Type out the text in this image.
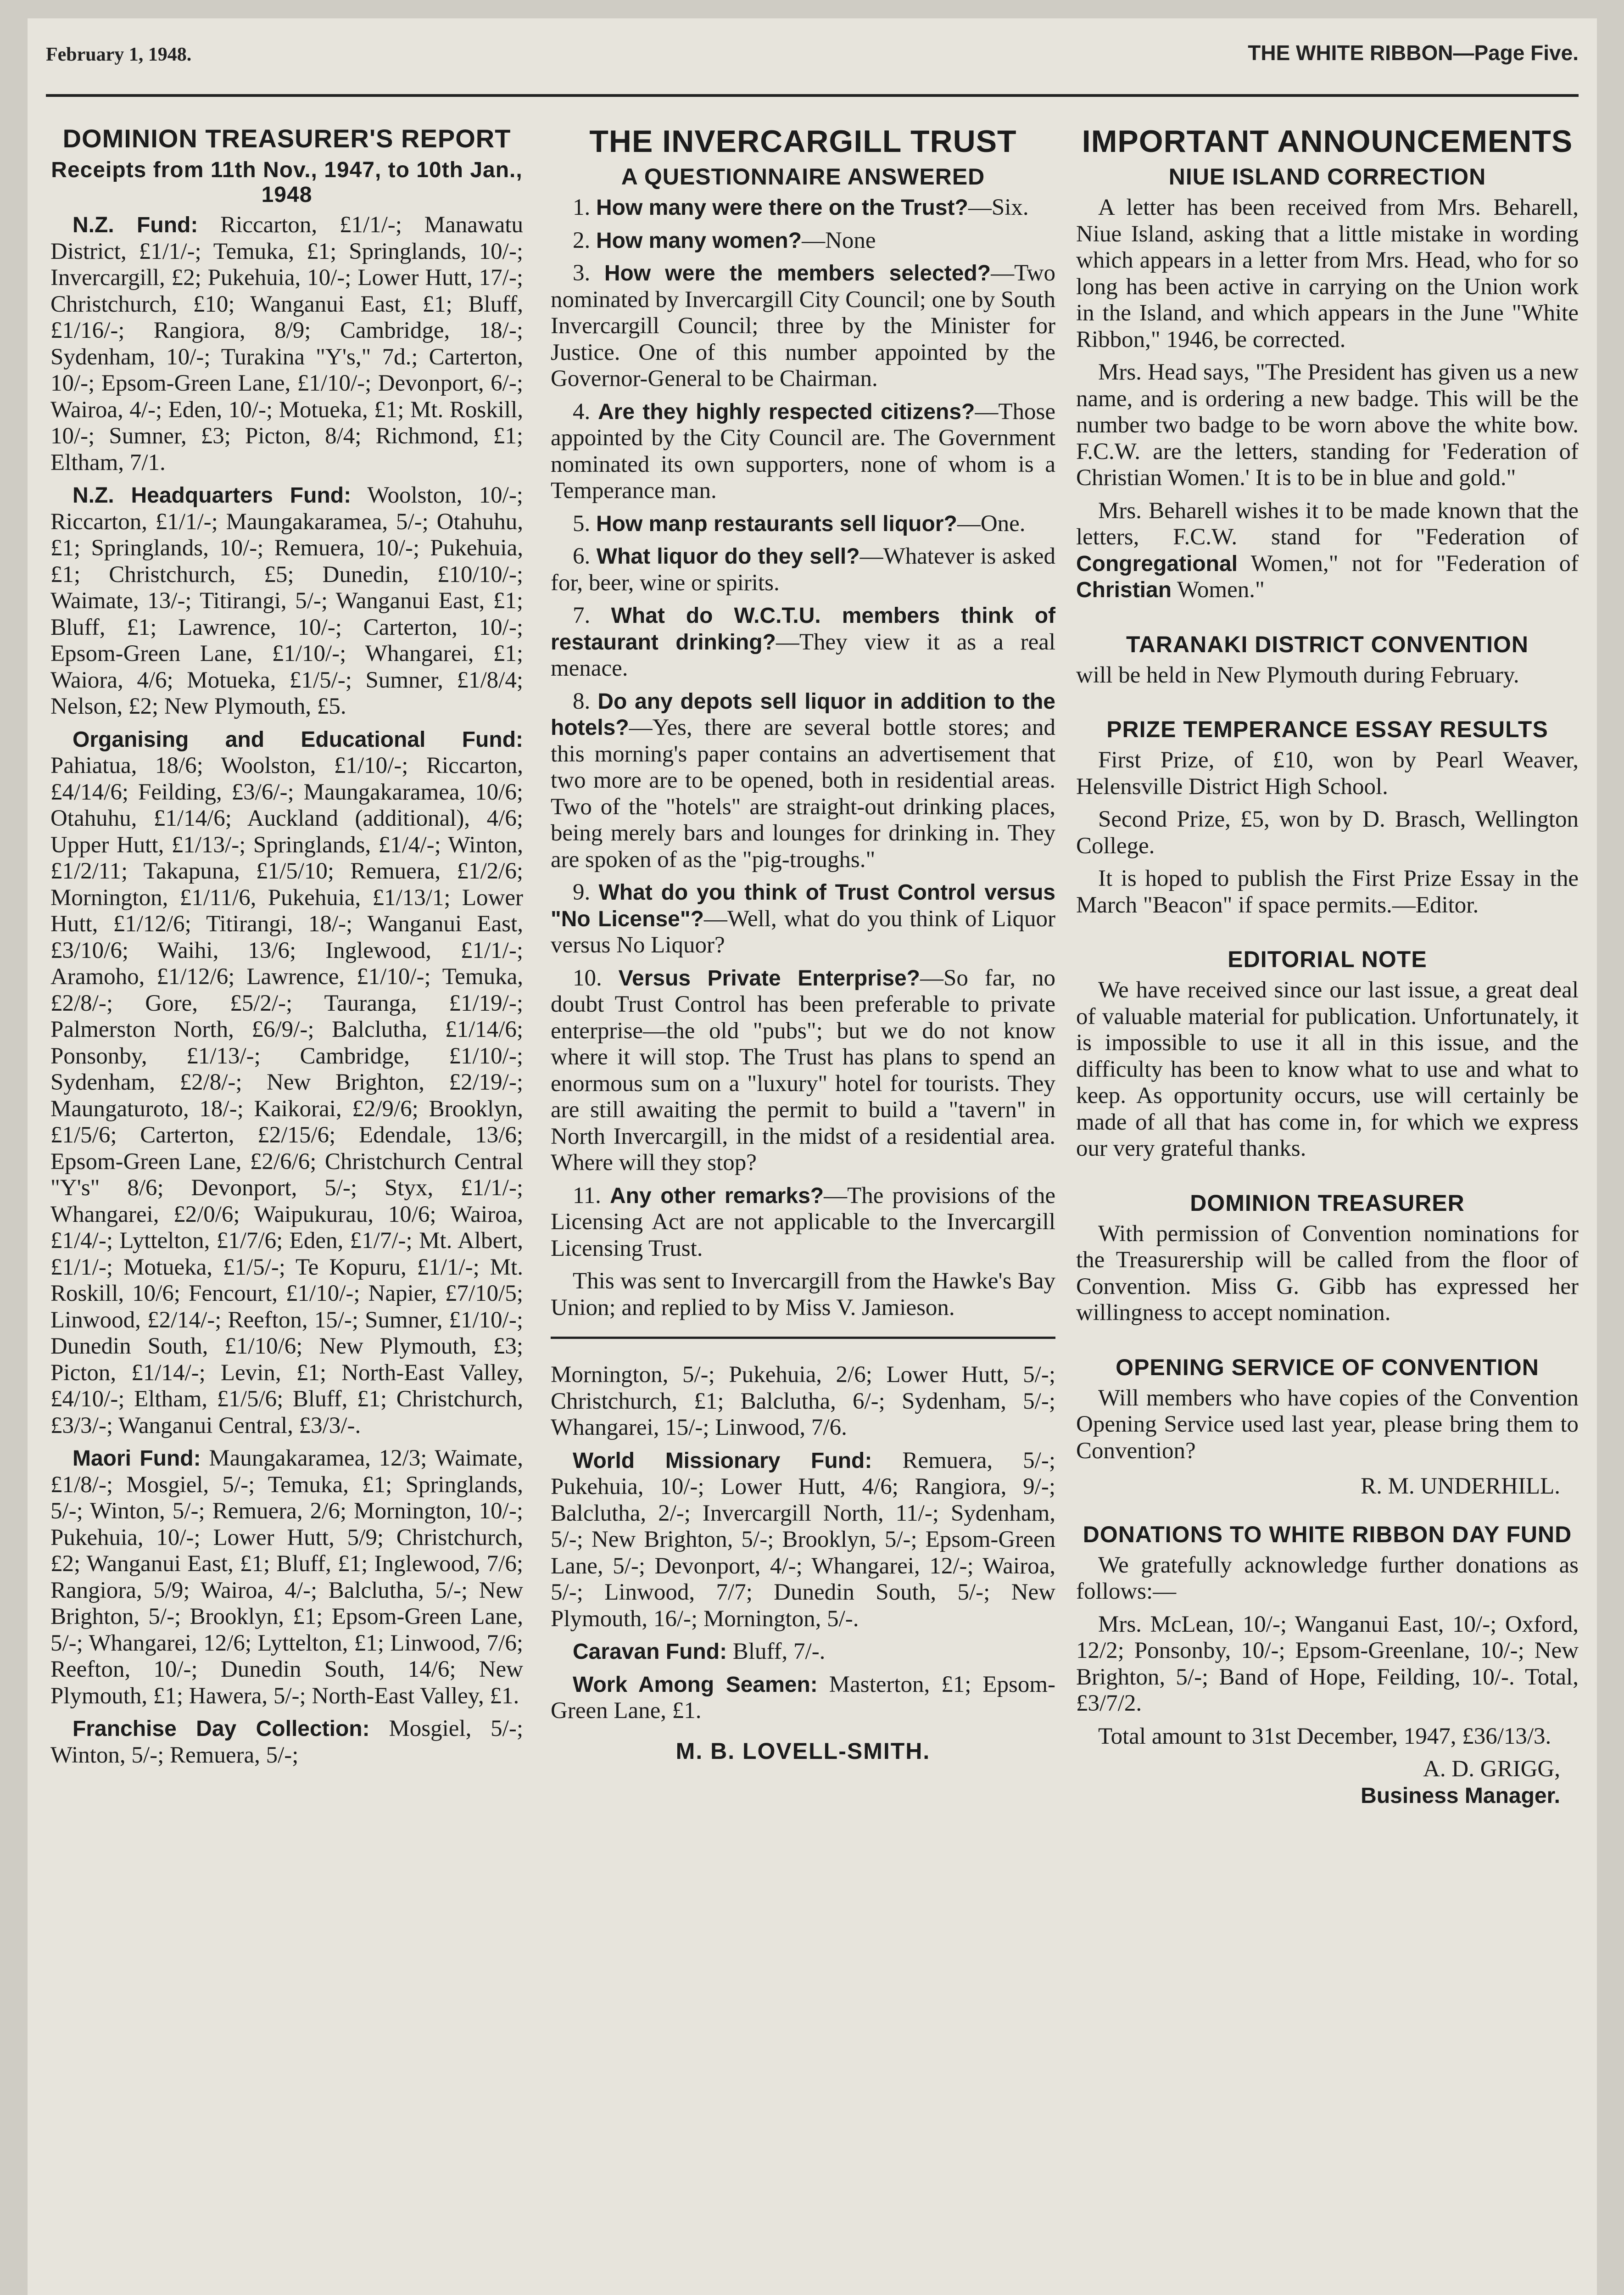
February 1, 1948.	THE WHITE RIBBON—Page Five.
DOMINION TREASURER'S REPORT
Receipts from 11th Nov., 1947, to 10th Jan., 1948

N.Z. Fund: Riccarton, £1/1/-; Manawatu District, £1/1/-; Temuka, £1; Springlands, 10/-; Invercargill, £2; Pukehuia, 10/-; Lower Hutt, 17/-; Christchurch, £10; Wanganui East, £1; Bluff, £1/16/-; Rangiora, 8/9; Cambridge, 18/-; Sydenham, 10/-; Turakina "Y's," 7d.; Carterton, 10/-; Epsom-Green Lane, £1/10/-; Devonport, 6/-; Wairoa, 4/-; Eden, 10/-; Motueka, £1; Mt. Roskill, 10/-; Sumner, £3; Picton, 8/4; Richmond, £1; Eltham, 7/1.

N.Z. Headquarters Fund: Woolston, 10/-; Riccarton, £1/1/-; Maungakaramea, 5/-; Otahuhu, £1; Springlands, 10/-; Remuera, 10/-; Pukehuia, £1; Christchurch, £5; Dunedin, £10/10/-; Waimate, 13/-; Titirangi, 5/-; Wanganui East, £1; Bluff, £1; Lawrence, 10/-; Carterton, 10/-; Epsom-Green Lane, £1/10/-; Whangarei, £1; Waiora, 4/6; Motueka, £1/5/-; Sumner, £1/8/4; Nelson, £2; New Plymouth, £5.

Organising and Educational Fund: Pahiatua, 18/6; Woolston, £1/10/-; Riccarton, £4/14/6; Feilding, £3/6/-; Maungakaramea, 10/6; Otahuhu, £1/14/6; Auckland (additional), 4/6; Upper Hutt, £1/13/-; Springlands, £1/4/-; Winton, £1/2/11; Takapuna, £1/5/10; Remuera, £1/2/6; Mornington, £1/11/6, Pukehuia, £1/13/1; Lower Hutt, £1/12/6; Titirangi, 18/-; Wanganui East, £3/10/6; Waihi, 13/6; Inglewood, £1/1/-; Aramoho, £1/12/6; Lawrence, £1/10/-; Temuka, £2/8/-; Gore, £5/2/-; Tauranga, £1/19/-; Palmerston North, £6/9/-; Balclutha, £1/14/6; Ponsonby, £1/13/-; Cambridge, £1/10/-; Sydenham, £2/8/-; New Brighton, £2/19/-; Maungaturoto, 18/-; Kaikorai, £2/9/6; Brooklyn, £1/5/6; Carterton, £2/15/6; Edendale, 13/6; Epsom-Green Lane, £2/6/6; Christchurch Central "Y's" 8/6; Devonport, 5/-; Styx, £1/1/-; Whangarei, £2/0/6; Waipukurau, 10/6; Wairoa, £1/4/-; Lyttelton, £1/7/6; Eden, £1/7/-; Mt. Albert, £1/1/-; Motueka, £1/5/-; Te Kopuru, £1/1/-; Mt. Roskill, 10/6; Fencourt, £1/10/-; Napier, £7/10/5; Linwood, £2/14/-; Reefton, 15/-; Sumner, £1/10/-; Dunedin South, £1/10/6; New Plymouth, £3; Picton, £1/14/-; Levin, £1; North-East Valley, £4/10/-; Eltham, £1/5/6; Bluff, £1; Christchurch, £3/3/-; Wanganui Central, £3/3/-.

Maori Fund: Maungakaramea, 12/3; Waimate, £1/8/-; Mosgiel, 5/-; Temuka, £1; Springlands, 5/-; Winton, 5/-; Remuera, 2/6; Mornington, 10/-; Pukehuia, 10/-; Lower Hutt, 5/9; Christchurch, £2; Wanganui East, £1; Bluff, £1; Inglewood, 7/6; Rangiora, 5/9; Wairoa, 4/-; Balclutha, 5/-; New Brighton, 5/-; Brooklyn, £1; Epsom-Green Lane, 5/-; Whangarei, 12/6; Lyttelton, £1; Linwood, 7/6; Reefton, 10/-; Dunedin South, 14/6; New Plymouth, £1; Hawera, 5/-; North-East Valley, £1.

Franchise Day Collection: Mosgiel, 5/-; Winton, 5/-; Remuera, 5/-;

THE INVERCARGILL TRUST
A QUESTIONNAIRE ANSWERED

1. How many were there on the Trust?—Six.

2. How many women?—None

3. How were the members selected?—Two nominated by Invercargill City Council; one by South Invercargill Council; three by the Minister for Justice. One of this number appointed by the Governor-General to be Chairman.

4. Are they highly respected citizens?—Those appointed by the City Council are. The Government nominated its own supporters, none of whom is a Temperance man.

5. How manp restaurants sell liquor?—One.

6. What liquor do they sell?—Whatever is asked for, beer, wine or spirits.

7. What do W.C.T.U. members think of restaurant drinking?—They view it as a real menace.

8. Do any depots sell liquor in addition to the hotels?—Yes, there are several bottle stores; and this morning's paper contains an advertisement that two more are to be opened, both in residential areas. Two of the "hotels" are straight-out drinking places, being merely bars and lounges for drinking in. They are spoken of as the "pig-troughs."

9. What do you think of Trust Control versus "No License"?—Well, what do you think of Liquor versus No Liquor?

10. Versus Private Enterprise?—So far, no doubt Trust Control has been preferable to private enterprise—the old "pubs"; but we do not know where it will stop. The Trust has plans to spend an enormous sum on a "luxury" hotel for tourists. They are still awaiting the permit to build a "tavern" in North Invercargill, in the midst of a residential area. Where will they stop?

11. Any other remarks?—The provisions of the Licensing Act are not applicable to the Invercargill Licensing Trust.

This was sent to Invercargill from the Hawke's Bay Union; and replied to by Miss V. Jamieson.

Mornington, 5/-; Pukehuia, 2/6; Lower Hutt, 5/-; Christchurch, £1; Balclutha, 6/-; Sydenham, 5/-; Whangarei, 15/-; Linwood, 7/6.

World Missionary Fund: Remuera, 5/-; Pukehuia, 10/-; Lower Hutt, 4/6; Rangiora, 9/-; Balclutha, 2/-; Invercargill North, 11/-; Sydenham, 5/-; New Brighton, 5/-; Brooklyn, 5/-; Epsom-Green Lane, 5/-; Devonport, 4/-; Whangarei, 12/-; Wairoa, 5/-; Linwood, 7/7; Dunedin South, 5/-; New Plymouth, 16/-; Mornington, 5/-.

Caravan Fund: Bluff, 7/-.

Work Among Seamen: Masterton, £1; Epsom-Green Lane, £1.

M. B. LOVELL-SMITH.
IMPORTANT ANNOUNCEMENTS
NIUE ISLAND CORRECTION

A letter has been received from Mrs. Beharell, Niue Island, asking that a little mistake in wording which appears in a letter from Mrs. Head, who for so long has been active in carrying on the Union work in the Island, and which appears in the June "White Ribbon," 1946, be corrected.

Mrs. Head says, "The President has given us a new name, and is ordering a new badge. This will be the number two badge to be worn above the white bow. F.C.W. are the letters, standing for 'Federation of Christian Women.' It is to be in blue and gold."

Mrs. Beharell wishes it to be made known that the letters, F.C.W. stand for "Federation of Congregational Women," not for "Federation of Christian Women."

TARANAKI DISTRICT CONVENTION

will be held in New Plymouth during February.

PRIZE TEMPERANCE ESSAY RESULTS

First Prize, of £10, won by Pearl Weaver, Helensville District High School.

Second Prize, £5, won by D. Brasch, Wellington College.

It is hoped to publish the First Prize Essay in the March "Beacon" if space permits.—Editor.

EDITORIAL NOTE

We have received since our last issue, a great deal of valuable material for publication. Unfortunately, it is impossible to use it all in this issue, and the difficulty has been to know what to use and what to keep. As opportunity occurs, use will certainly be made of all that has come in, for which we express our very grateful thanks.

DOMINION TREASURER

With permission of Convention nominations for the Treasurership will be called from the floor of Convention. Miss G. Gibb has expressed her willingness to accept nomination.

OPENING SERVICE OF CONVENTION

Will members who have copies of the Convention Opening Service used last year, please bring them to Convention?

R. M. UNDERHILL.
DONATIONS TO WHITE RIBBON DAY FUND

We gratefully acknowledge further donations as follows:—

Mrs. McLean, 10/-; Wanganui East, 10/-; Oxford, 12/2; Ponsonby, 10/-; Epsom-Greenlane, 10/-; New Brighton, 5/-; Band of Hope, Feilding, 10/-. Total, £3/7/2.

Total amount to 31st December, 1947, £36/13/3.

A. D. GRIGG,
Business Manager.
